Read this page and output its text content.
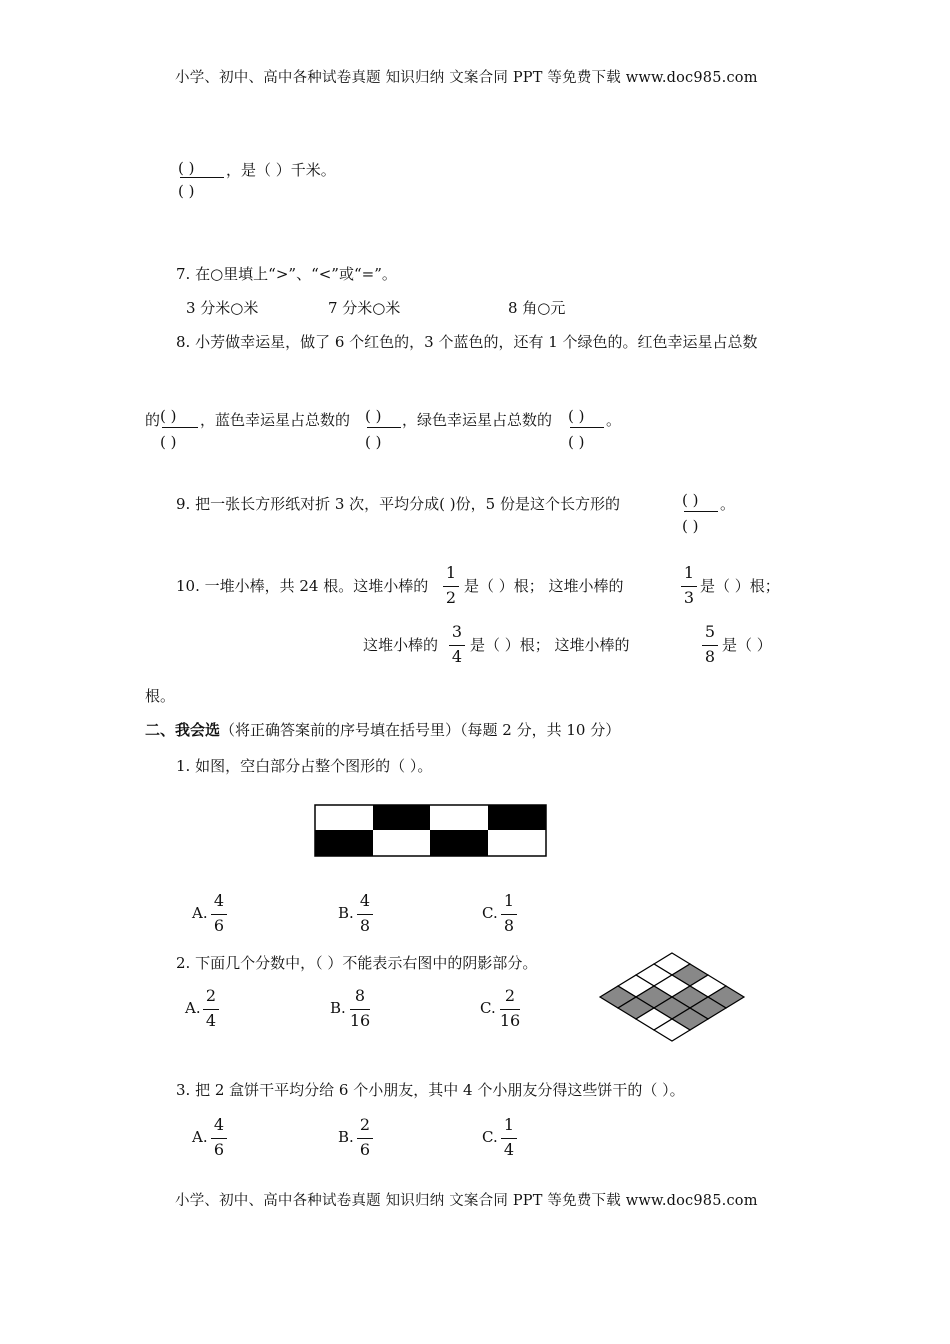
小学、初中、高中各种试卷真题 知识归纳 文案合同 PPT 等免费下载 www.doc985.com
( )
( )
，是（ ）千米。
7. 在○里填上“>”、“<”或“=”。
3 分米○米	7 分米○米	8 角○元
8. 小芳做幸运星，做了 6 个红色的，3 个蓝色的，还有 1 个绿色的。红色幸运星占总数
的 ( )
( )
，蓝色幸运星占总数的 ( )
( )
，绿色幸运星占总数的 ( )
( )
。
9. 把一张长方形纸对折 3 次，平均分成( )份，5 份是这个长方形的	( )
( )
。
10. 一堆小棒，共 24 根。这堆小棒的
1
2
是（ ）根； 这堆小棒的
1
3
是（ ）根；
这堆小棒的
3
4
是（ ）根； 这堆小棒的
5
8
是（ ）
根。
二、我会选（将正确答案前的序号填在括号里）（每题 2 分，共 10 分）
1. 如图，空白部分占整个图形的（ ）。
A.
4
6
B.
4
8
C.
1
8
2. 下面几个分数中，（ ）不能表示右图中的阴影部分。
A.
2
4
B.
8
16
C.
2
16
3. 把 2 盒饼干平均分给 6 个小朋友，其中 4 个小朋友分得这些饼干的（ ）。
A.
4
6
B.
2
6
C.
1
4
小学、初中、高中各种试卷真题 知识归纳 文案合同 PPT 等免费下载 www.doc985.com
